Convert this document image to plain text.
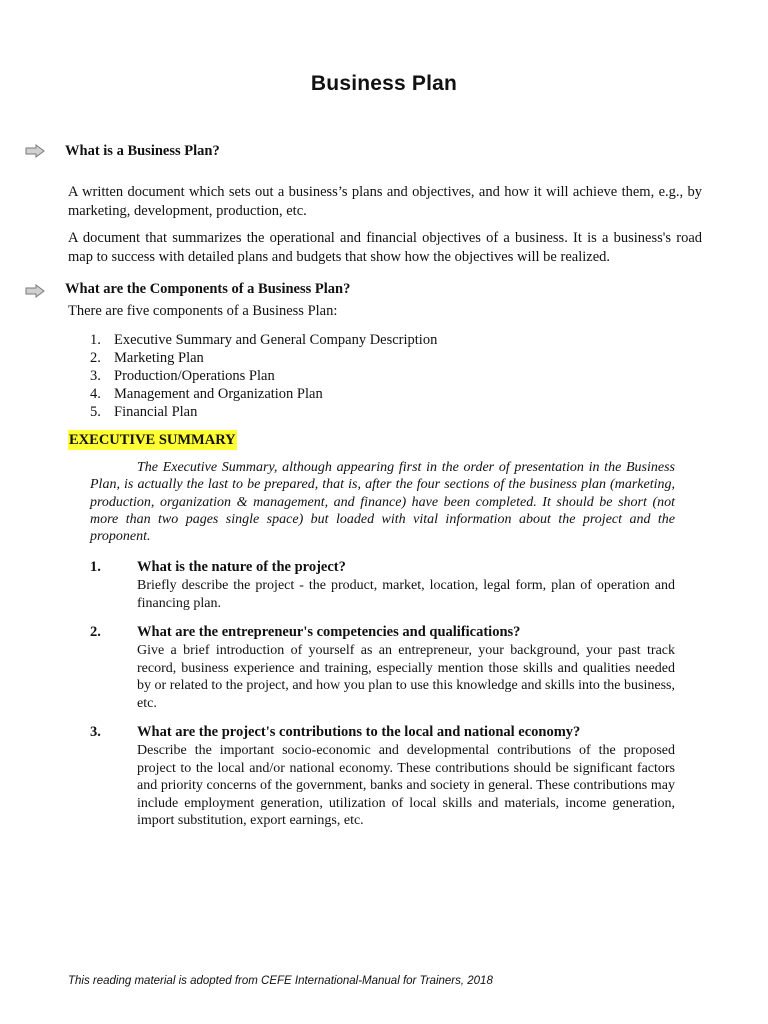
Business Plan
What is a Business Plan?
A written document which sets out a business’s plans and objectives, and how it will achieve them, e.g., by marketing, development, production, etc.
A document that summarizes the operational and financial objectives of a business. It is a business's road map to success with detailed plans and budgets that show how the objectives will be realized.
What are the Components of a Business Plan?
There are five components of a Business Plan:
1. Executive Summary and General Company Description
2. Marketing Plan
3. Production/Operations Plan
4. Management and Organization Plan
5. Financial Plan
EXECUTIVE SUMMARY
The Executive Summary, although appearing first in the order of presentation in the Business Plan, is actually the last to be prepared, that is, after the four sections of the business plan (marketing, production, organization & management, and finance) have been completed. It should be short (not more than two pages single space) but loaded with vital information about the project and the proponent.
1. What is the nature of the project?
Briefly describe the project - the product, market, location, legal form, plan of operation and financing plan.
2. What are the entrepreneur's competencies and qualifications?
Give a brief introduction of yourself as an entrepreneur, your background, your past track record, business experience and training, especially mention those skills and qualities needed by or related to the project, and how you plan to use this knowledge and skills into the business, etc.
3. What are the project's contributions to the local and national economy?
Describe the important socio-economic and developmental contributions of the proposed project to the local and/or national economy. These contributions should be significant factors and priority concerns of the government, banks and society in general. These contributions may include employment generation, utilization of local skills and materials, income generation, import substitution, export earnings, etc.
This reading material is adopted from CEFE International-Manual for Trainers, 2018
